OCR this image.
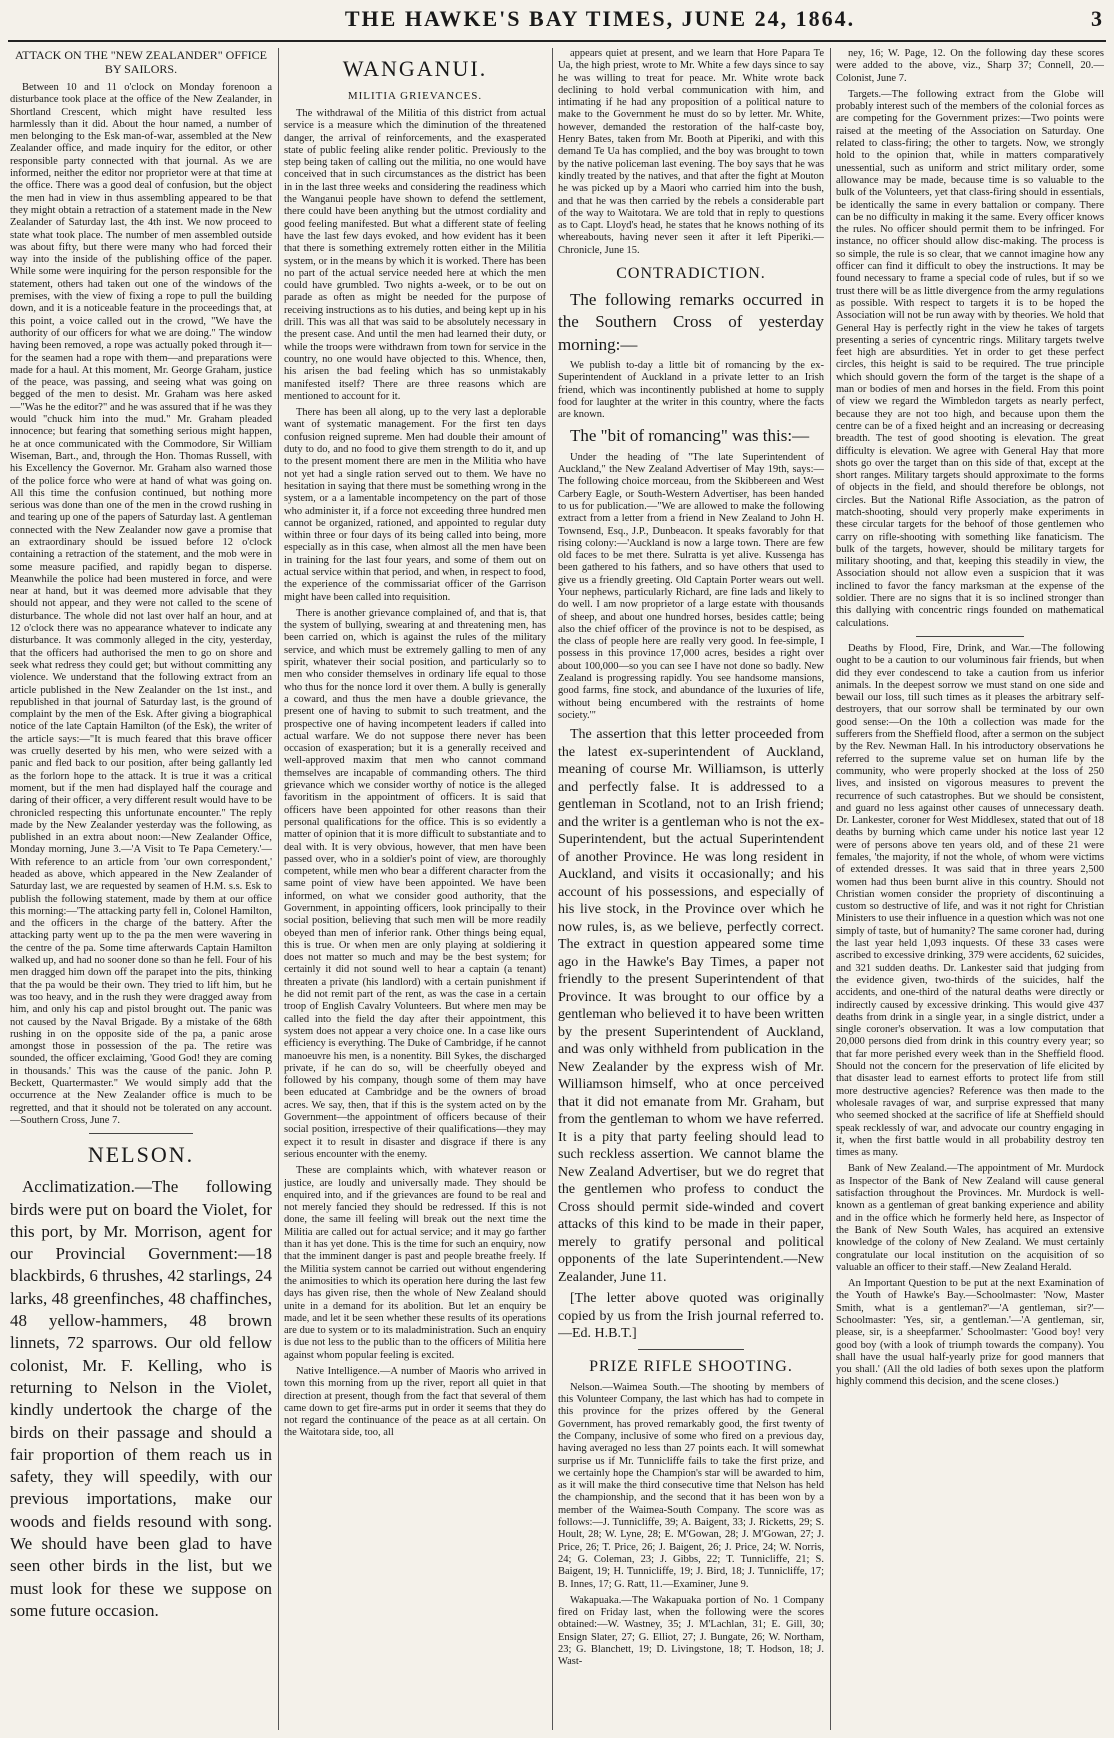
THE HAWKE'S BAY TIMES, JUNE 24, 1864.	3
ATTACK ON THE "NEW ZEALANDER" OFFICE BY SAILORS.

Between 10 and 11 o'clock on Monday forenoon a disturbance took place at the office of the New Zealander, in Shortland Crescent, which might have resulted less harmlessly than it did. About the hour named, a number of men belonging to the Esk man-of-war, assembled at the New Zealander office, and made inquiry for the editor, or other responsible party connected with that journal. As we are informed, neither the editor nor proprietor were at that time at the office. There was a good deal of confusion, but the object the men had in view in thus assembling appeared to be that they might obtain a retraction of a statement made in the New Zealander of Saturday last, the 4th inst. We now proceed to state what took place. The number of men assembled outside was about fifty, but there were many who had forced their way into the inside of the publishing office of the paper. While some were inquiring for the person responsible for the statement, others had taken out one of the windows of the premises, with the view of fixing a rope to pull the building down, and it is a noticeable feature in the proceedings that, at this point, a voice called out in the crowd, "We have the authority of our officers for what we are doing." The window having been removed, a rope was actually poked through it—for the seamen had a rope with them—and preparations were made for a haul. At this moment, Mr. George Graham, justice of the peace, was passing, and seeing what was going on begged of the men to desist. Mr. Graham was here asked—"Was he the editor?" and he was assured that if he was they would "chuck him into the mud." Mr. Graham pleaded innocence; but fearing that something serious might happen, he at once communicated with the Commodore, Sir William Wiseman, Bart., and, through the Hon. Thomas Russell, with his Excellency the Governor. Mr. Graham also warned those of the police force who were at hand of what was going on. All this time the confusion continued, but nothing more serious was done than one of the men in the crowd rushing in and tearing up one of the papers of Saturday last. A gentleman connected with the New Zealander now gave a promise that an extraordinary should be issued before 12 o'clock containing a retraction of the statement, and the mob were in some measure pacified, and rapidly began to disperse. Meanwhile the police had been mustered in force, and were near at hand, but it was deemed more advisable that they should not appear, and they were not called to the scene of disturbance. The whole did not last over half an hour, and at 12 o'clock there was no appearance whatever to indicate any disturbance. It was commonly alleged in the city, yesterday, that the officers had authorised the men to go on shore and seek what redress they could get; but without committing any violence. We understand that the following extract from an article published in the New Zealander on the 1st inst., and republished in that journal of Saturday last, is the ground of complaint by the men of the Esk. After giving a biographical notice of the late Captain Hamilton (of the Esk), the writer of the article says:—"It is much feared that this brave officer was cruelly deserted by his men, who were seized with a panic and fled back to our position, after being gallantly led as the forlorn hope to the attack. It is true it was a critical moment, but if the men had displayed half the courage and daring of their officer, a very different result would have to be chronicled respecting this unfortunate encounter." The reply made by the New Zealander yesterday was the following, as published in an extra about noon:—New Zealander Office, Monday morning, June 3.—'A Visit to Te Papa Cemetery.'—With reference to an article from 'our own correspondent,' headed as above, which appeared in the New Zealander of Saturday last, we are requested by seamen of H.M. s.s. Esk to publish the following statement, made by them at our office this morning:—'The attacking party fell in, Colonel Hamilton, and the officers in the charge of the battery. After the attacking party went up to the pa the men were wavering in the centre of the pa. Some time afterwards Captain Hamilton walked up, and had no sooner done so than he fell. Four of his men dragged him down off the parapet into the pits, thinking that the pa would be their own. They tried to lift him, but he was too heavy, and in the rush they were dragged away from him, and only his cap and pistol brought out. The panic was not caused by the Naval Brigade. By a mistake of the 68th rushing in on the opposite side of the pa, a panic arose amongst those in possession of the pa. The retire was sounded, the officer exclaiming, 'Good God! they are coming in thousands.' This was the cause of the panic. John P. Beckett, Quartermaster." We would simply add that the occurrence at the New Zealander office is much to be regretted, and that it should not be tolerated on any account.—Southern Cross, June 7.

NELSON.

Acclimatization.—The following birds were put on board the Violet, for this port, by Mr. Morrison, agent for our Provincial Government:—18 blackbirds, 6 thrushes, 42 starlings, 24 larks, 48 greenfinches, 48 chaffinches, 48 yellow-hammers, 48 brown linnets, 72 sparrows. Our old fellow colonist, Mr. F. Kelling, who is returning to Nelson in the Violet, kindly undertook the charge of the birds on their passage and should a fair proportion of them reach us in safety, they will speedily, with our previous importations, make our woods and fields resound with song. We should have been glad to have seen other birds in the list, but we must look for these we suppose on some future occasion.

WANGANUI.
MILITIA GRIEVANCES.

The withdrawal of the Militia of this district from actual service is a measure which the diminution of the threatened danger, the arrival of reinforcements, and the exasperated state of public feeling alike render politic. Previously to the step being taken of calling out the militia, no one would have conceived that in such circumstances as the district has been in in the last three weeks and considering the readiness which the Wanganui people have shown to defend the settlement, there could have been anything but the utmost cordiality and good feeling manifested. But what a different state of feeling have the last few days evoked, and how evident has it been that there is something extremely rotten either in the Militia system, or in the means by which it is worked. There has been no part of the actual service needed here at which the men could have grumbled. Two nights a-week, or to be out on parade as often as might be needed for the purpose of receiving instructions as to his duties, and being kept up in his drill. This was all that was said to be absolutely necessary in the present case. And until the men had learned their duty, or while the troops were withdrawn from town for service in the country, no one would have objected to this. Whence, then, his arisen the bad feeling which has so unmistakably manifested itself? There are three reasons which are mentioned to account for it.

There has been all along, up to the very last a deplorable want of systematic management. For the first ten days confusion reigned supreme. Men had double their amount of duty to do, and no food to give them strength to do it, and up to the present moment there are men in the Militia who have not yet had a single ration served out to them. We have no hesitation in saying that there must be something wrong in the system, or a a lamentable incompetency on the part of those who administer it, if a force not exceeding three hundred men cannot be organized, rationed, and appointed to regular duty within three or four days of its being called into being, more especially as in this case, when almost all the men have been in training for the last four years, and some of them out on actual service within that period, and when, in respect to food, the experience of the commissariat officer of the Garrison might have been called into requisition.

There is another grievance complained of, and that is, that the system of bullying, swearing at and threatening men, has been carried on, which is against the rules of the military service, and which must be extremely galling to men of any spirit, whatever their social position, and particularly so to men who consider themselves in ordinary life equal to those who thus for the nonce lord it over them. A bully is generally a coward, and thus the men have a double grievance, the present one of having to submit to such treatment, and the prospective one of having incompetent leaders if called into actual warfare. We do not suppose there never has been occasion of exasperation; but it is a generally received and well-approved maxim that men who cannot command themselves are incapable of commanding others. The third grievance which we consider worthy of notice is the alleged favoritism in the appointment of officers. It is said that officers have been appointed for other reasons than their personal qualifications for the office. This is so evidently a matter of opinion that it is more difficult to substantiate and to deal with. It is very obvious, however, that men have been passed over, who in a soldier's point of view, are thoroughly competent, while men who bear a different character from the same point of view have been appointed. We have been informed, on what we consider good authority, that the Government, in appointing officers, look principally to their social position, believing that such men will be more readily obeyed than men of inferior rank. Other things being equal, this is true. Or when men are only playing at soldiering it does not matter so much and may be the best system; for certainly it did not sound well to hear a captain (a tenant) threaten a private (his landlord) with a certain punishment if he did not remit part of the rent, as was the case in a certain troop of English Cavalry Volunteers. But where men may be called into the field the day after their appointment, this system does not appear a very choice one. In a case like ours efficiency is everything. The Duke of Cambridge, if he cannot manoeuvre his men, is a nonentity. Bill Sykes, the discharged private, if he can do so, will be cheerfully obeyed and followed by his company, though some of them may have been educated at Cambridge and be the owners of broad acres. We say, then, that if this is the system acted on by the Government—the appointment of officers because of their social position, irrespective of their qualifications—they may expect it to result in disaster and disgrace if there is any serious encounter with the enemy.

These are complaints which, with whatever reason or justice, are loudly and universally made. They should be enquired into, and if the grievances are found to be real and not merely fancied they should be redressed. If this is not done, the same ill feeling will break out the next time the Militia are called out for actual service; and it may go farther than it has yet done. This is the time for such an enquiry, now that the imminent danger is past and people breathe freely. If the Militia system cannot be carried out without engendering the animosities to which its operation here during the last few days has given rise, then the whole of New Zealand should unite in a demand for its abolition. But let an enquiry be made, and let it be seen whether these results of its operations are due to system or to its maladministration. Such an enquiry is due not less to the public than to the officers of Militia here against whom popular feeling is excited.

Native Intelligence.—A number of Maoris who arrived in town this morning from up the river, report all quiet in that direction at present, though from the fact that several of them came down to get fire-arms put in order it seems that they do not regard the continuance of the peace as at all certain. On the Waitotara side, too, all

appears quiet at present, and we learn that Hore Papara Te Ua, the high priest, wrote to Mr. White a few days since to say he was willing to treat for peace. Mr. White wrote back declining to hold verbal communication with him, and intimating if he had any proposition of a political nature to make to the Government he must do so by letter. Mr. White, however, demanded the restoration of the half-caste boy, Henry Bates, taken from Mr. Booth at Piperiki, and with this demand Te Ua has complied, and the boy was brought to town by the native policeman last evening. The boy says that he was kindly treated by the natives, and that after the fight at Mouton he was picked up by a Maori who carried him into the bush, and that he was then carried by the rebels a considerable part of the way to Waitotara. We are told that in reply to questions as to Capt. Lloyd's head, he states that he knows nothing of its whereabouts, having never seen it after it left Piperiki.—Chronicle, June 15.

CONTRADICTION.

The following remarks occurred in the Southern Cross of yesterday morning:—

We publish to-day a little bit of romancing by the ex-Superintendent of Auckland in a private letter to an Irish friend, which was incontinently published at home to supply food for laughter at the writer in this country, where the facts are known.

The "bit of romancing" was this:—

Under the heading of "The late Superintendent of Auckland," the New Zealand Advertiser of May 19th, says:—The following choice morceau, from the Skibbereen and West Carbery Eagle, or South-Western Advertiser, has been handed to us for publication.—"We are allowed to make the following extract from a letter from a friend in New Zealand to John H. Townsend, Esq., J.P., Dunbeacon. It speaks favorably for that rising colony:—'Auckland is now a large town. There are few old faces to be met there. Sulratta is yet alive. Kussenga has been gathered to his fathers, and so have others that used to give us a friendly greeting. Old Captain Porter wears out well. Your nephews, particularly Richard, are fine lads and likely to do well. I am now proprietor of a large estate with thousands of sheep, and about one hundred horses, besides cattle; being also the chief officer of the province is not to be despised, as the class of people here are really very good. In fee-simple, I possess in this province 17,000 acres, besides a right over about 100,000—so you can see I have not done so badly. New Zealand is progressing rapidly. You see handsome mansions, good farms, fine stock, and abundance of the luxuries of life, without being encumbered with the restraints of home society.'"

The assertion that this letter proceeded from the latest ex-superintendent of Auckland, meaning of course Mr. Williamson, is utterly and perfectly false. It is addressed to a gentleman in Scotland, not to an Irish friend; and the writer is a gentleman who is not the ex-Superintendent, but the actual Superintendent of another Province. He was long resident in Auckland, and visits it occasionally; and his account of his possessions, and especially of his live stock, in the Province over which he now rules, is, as we believe, perfectly correct. The extract in question appeared some time ago in the Hawke's Bay Times, a paper not friendly to the present Superintendent of that Province. It was brought to our office by a gentleman who believed it to have been written by the present Superintendent of Auckland, and was only withheld from publication in the New Zealander by the express wish of Mr. Williamson himself, who at once perceived that it did not emanate from Mr. Graham, but from the gentleman to whom we have referred. It is a pity that party feeling should lead to such reckless assertion. We cannot blame the New Zealand Advertiser, but we do regret that the gentlemen who profess to conduct the Cross should permit side-winded and covert attacks of this kind to be made in their paper, merely to gratify personal and political opponents of the late Superintendent.—New Zealander, June 11.

[The letter above quoted was originally copied by us from the Irish journal referred to.—Ed. H.B.T.]

PRIZE RIFLE SHOOTING.

Nelson.—Waimea South.—The shooting by members of this Volunteer Company, the last which has had to compete in this province for the prizes offered by the General Government, has proved remarkably good, the first twenty of the Company, inclusive of some who fired on a previous day, having averaged no less than 27 points each. It will somewhat surprise us if Mr. Tunnicliffe fails to take the first prize, and we certainly hope the Champion's star will be awarded to him, as it will make the third consecutive time that Nelson has held the championship, and the second that it has been won by a member of the Waimea-South Company. The score was as follows:—J. Tunnicliffe, 39; A. Baigent, 33; J. Ricketts, 29; S. Hoult, 28; W. Lyne, 28; E. M'Gowan, 28; J. M'Gowan, 27; J. Price, 26; T. Price, 26; J. Baigent, 26; J. Price, 24; W. Norris, 24; G. Coleman, 23; J. Gibbs, 22; T. Tunnicliffe, 21; S. Baigent, 19; H. Tunnicliffe, 19; J. Bird, 18; J. Tunnicliffe, 17; B. Innes, 17; G. Ratt, 11.—Examiner, June 9.

Wakapuaka.—The Wakapuaka portion of No. 1 Company fired on Friday last, when the following were the scores obtained:—W. Wastney, 35; J. M'Lachlan, 31; E. Gill, 30; Ensign Slater, 27; G. Elliot, 27; J. Bungate, 26; W. Northam, 23; G. Blanchett, 19; D. Livingstone, 18; T. Hodson, 18; J. Wast-

ney, 16; W. Page, 12. On the following day these scores were added to the above, viz., Sharp 37; Connell, 20.—Colonist, June 7.

Targets.—The following extract from the Globe will probably interest such of the members of the colonial forces as are competing for the Government prizes:—Two points were raised at the meeting of the Association on Saturday. One related to class-firing; the other to targets. Now, we strongly hold to the opinion that, while in matters comparatively unessential, such as uniform and strict military order, some allowance may be made, because time is so valuable to the bulk of the Volunteers, yet that class-firing should in essentials, be identically the same in every battalion or company. There can be no difficulty in making it the same. Every officer knows the rules. No officer should permit them to be infringed. For instance, no officer should allow disc-making. The process is so simple, the rule is so clear, that we cannot imagine how any officer can find it difficult to obey the instructions. It may be found necessary to frame a special code of rules, but if so we trust there will be as little divergence from the army regulations as possible. With respect to targets it is to be hoped the Association will not be run away with by theories. We hold that General Hay is perfectly right in the view he takes of targets presenting a series of cyncentric rings. Military targets twelve feet high are absurdities. Yet in order to get these perfect circles, this height is said to be required. The true principle which should govern the form of the target is the shape of a man or bodies of men and horses in the field. From this point of view we regard the Wimbledon targets as nearly perfect, because they are not too high, and because upon them the centre can be of a fixed height and an increasing or decreasing breadth. The test of good shooting is elevation. The great difficulty is elevation. We agree with General Hay that more shots go over the target than on this side of that, except at the short ranges. Military targets should approximate to the forms of objects in the field, and should therefore be oblongs, not circles. But the National Rifle Association, as the patron of match-shooting, should very properly make experiments in these circular targets for the behoof of those gentlemen who carry on rifle-shooting with something like fanaticism. The bulk of the targets, however, should be military targets for military shooting, and that, keeping this steadily in view, the Association should not allow even a suspicion that it was inclined to favor the fancy marksman at the expense of the soldier. There are no signs that it is so inclined stronger than this dallying with concentric rings founded on mathematical calculations.

Deaths by Flood, Fire, Drink, and War.—The following ought to be a caution to our voluminous fair friends, but when did they ever condescend to take a caution from us inferior animals. In the deepest sorrow we must stand on one side and bewail our loss, till such times as it pleases the arbitrary self-destroyers, that our sorrow shall be terminated by our own good sense:—On the 10th a collection was made for the sufferers from the Sheffield flood, after a sermon on the subject by the Rev. Newman Hall. In his introductory observations he referred to the supreme value set on human life by the community, who were properly shocked at the loss of 250 lives, and insisted on vigorous measures to prevent the recurrence of such catastrophes. But we should be consistent, and guard no less against other causes of unnecessary death. Dr. Lankester, coroner for West Middlesex, stated that out of 18 deaths by burning which came under his notice last year 12 were of persons above ten years old, and of these 21 were females, 'the majority, if not the whole, of whom were victims of extended dresses. It was said that in three years 2,500 women had thus been burnt alive in this country. Should not Christian women consider the propriety of discontinuing a custom so destructive of life, and was it not right for Christian Ministers to use their influence in a question which was not one simply of taste, but of humanity? The same coroner had, during the last year held 1,093 inquests. Of these 33 cases were ascribed to excessive drinking, 379 were accidents, 62 suicides, and 321 sudden deaths. Dr. Lankester said that judging from the evidence given, two-thirds of the suicides, half the accidents, and one-third of the natural deaths were directly or indirectly caused by excessive drinking. This would give 437 deaths from drink in a single year, in a single district, under a single coroner's observation. It was a low computation that 20,000 persons died from drink in this country every year; so that far more perished every week than in the Sheffield flood. Should not the concern for the preservation of life elicited by that disaster lead to earnest efforts to protect life from still more destructive agencies? Reference was then made to the wholesale ravages of war, and surprise expressed that many who seemed shocked at the sacrifice of life at Sheffield should speak recklessly of war, and advocate our country engaging in it, when the first battle would in all probability destroy ten times as many.

Bank of New Zealand.—The appointment of Mr. Murdock as Inspector of the Bank of New Zealand will cause general satisfaction throughout the Provinces. Mr. Murdock is well-known as a gentleman of great banking experience and ability and in the office which he formerly held here, as Inspector of the Bank of New South Wales, has acquired an extensive knowledge of the colony of New Zealand. We must certainly congratulate our local institution on the acquisition of so valuable an officer to their staff.—New Zealand Herald.

An Important Question to be put at the next Examination of the Youth of Hawke's Bay.—Schoolmaster: 'Now, Master Smith, what is a gentleman?'—'A gentleman, sir?'—Schoolmaster: 'Yes, sir, a gentleman.'—'A gentleman, sir, please, sir, is a sheepfarmer.' Schoolmaster: 'Good boy! very good boy (with a look of triumph towards the company). You shall have the usual half-yearly prize for good manners that you shall.' (All the old ladies of both sexes upon the platform highly commend this decision, and the scene closes.)
